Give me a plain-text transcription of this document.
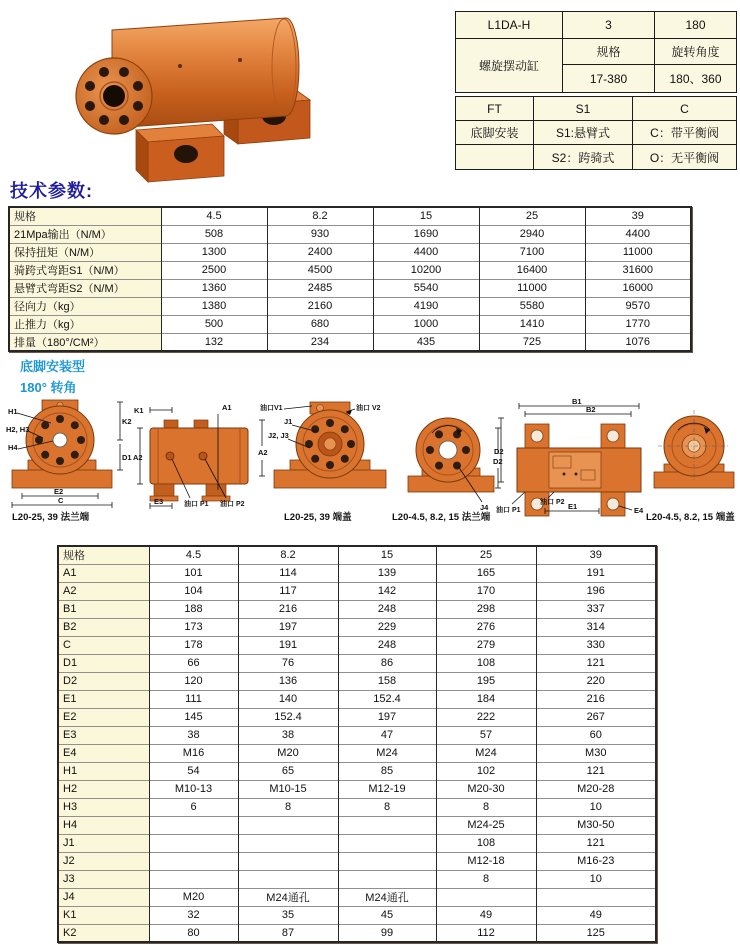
L1DA-H	3	180
螺旋摆动缸	规格	旋转角度
	17-380	180、360
FT	S1	C
底脚安装	S1:悬臂式	C：带平衡阀
	S2：跨骑式	O：无平衡阀
技术参数:
规格	4.5	8.2	15	25	39
21Mpa输出（N/M）	508	930	1690	2940	4400
保持扭矩（N/M）	1300	2400	4400	7100	11000
骑跨式弯距S1（N/M）	2500	4500	10200	16400	31600
悬臂式弯距S2（N/M）	1360	2485	5540	11000	16000
径向力（kg）	1380	2160	4190	5580	9570
止推力（kg）	500	680	1000	1410	1770
排量（180°/CM²）	132	234	435	725	1076
底脚安装型
180° 转角
H1
H2, H3
H4
K2
D1
E2
C
K1	A1
A2
E3	油口 P1 油口 P2
油口V1	油口 V2
J1
J2, J3
A2	D2
J4
B1
B2
D2
油口 P1
油口 P2 E1	E4
L20-25, 39 法兰端	L20-25, 39 端盖	L20-4.5, 8.2, 15 法兰端	L20-4.5, 8.2, 15 端盖
规格	4.5	8.2	15	25	39
A1	101	114	139	165	191
A2	104	117	142	170	196
B1	188	216	248	298	337
B2	173	197	229	276	314
C	178	191	248	279	330
D1	66	76	86	108	121
D2	120	136	158	195	220
E1	111	140	152.4	184	216
E2	145	152.4	197	222	267
E3	38	38	47	57	60
E4	M16	M20	M24	M24	M30
H1	54	65	85	102	121
H2	M10-13	M10-15	M12-19	M20-30	M20-28
H3	6	8	8	8	10
H4				M24-25	M30-50
J1				108	121
J2				M12-18	M16-23
J3				8	10
J4	M20	M24通孔	M24通孔		
K1	32	35	45	49	49
K2	80	87	99	112	125
